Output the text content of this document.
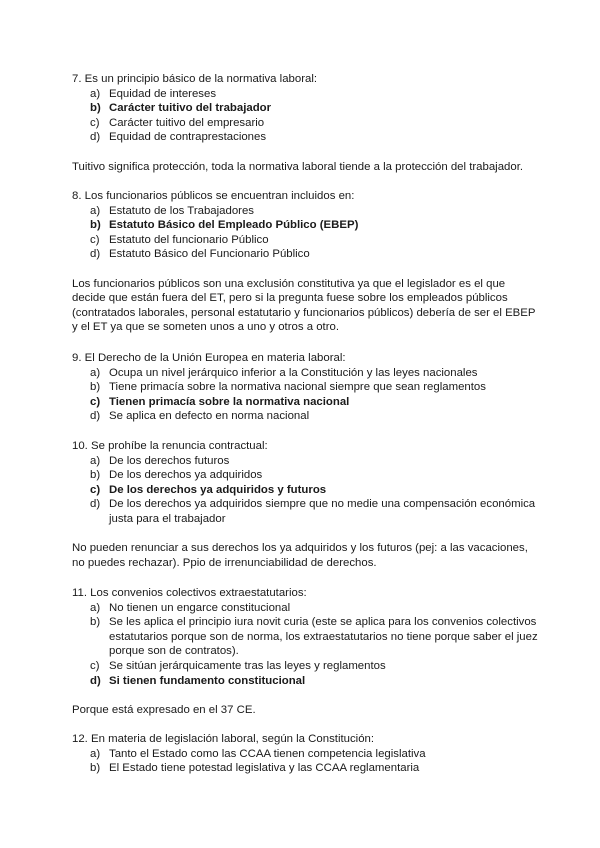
7. Es un principio básico de la normativa laboral:

a) Equidad de intereses
b) Carácter tuitivo del trabajador
c) Carácter tuitivo del empresario
d) Equidad de contraprestaciones

Tuitivo significa protección, toda la normativa laboral tiende a la protección del trabajador.

8. Los funcionarios públicos se encuentran incluidos en:

a) Estatuto de los Trabajadores
b) Estatuto Básico del Empleado Público (EBEP)
c) Estatuto del funcionario Público
d) Estatuto Básico del Funcionario Público

Los funcionarios públicos son una exclusión constitutiva ya que el legislador es el que
decide que están fuera del ET, pero si la pregunta fuese sobre los empleados públicos
(contratados laborales, personal estatutario y funcionarios públicos) debería de ser el EBEP
y el ET ya que se someten unos a uno y otros a otro.

9. El Derecho de la Unión Europea en materia laboral:

a) Ocupa un nivel jerárquico inferior a la Constitución y las leyes nacionales
b) Tiene primacía sobre la normativa nacional siempre que sean reglamentos
c) Tienen primacía sobre la normativa nacional
d) Se aplica en defecto en norma nacional

10. Se prohíbe la renuncia contractual:

a) De los derechos futuros
b) De los derechos ya adquiridos
c) De los derechos ya adquiridos y futuros
d) De los derechos ya adquiridos siempre que no medie una compensación económica
justa para el trabajador

No pueden renunciar a sus derechos los ya adquiridos y los futuros (pej: a las vacaciones,
no puedes rechazar). Ppio de irrenunciabilidad de derechos.

11. Los convenios colectivos extraestatutarios:

a) No tienen un engarce constitucional
b) Se les aplica el principio iura novit curia (este se aplica para los convenios colectivos
estatutarios porque son de norma, los extraestatutarios no tiene porque saber el juez
porque son de contratos).
c) Se sitúan jerárquicamente tras las leyes y reglamentos
d) Si tienen fundamento constitucional

Porque está expresado en el 37 CE.

12. En materia de legislación laboral, según la Constitución:

a) Tanto el Estado como las CCAA tienen competencia legislativa
b) El Estado tiene potestad legislativa y las CCAA reglamentaria
